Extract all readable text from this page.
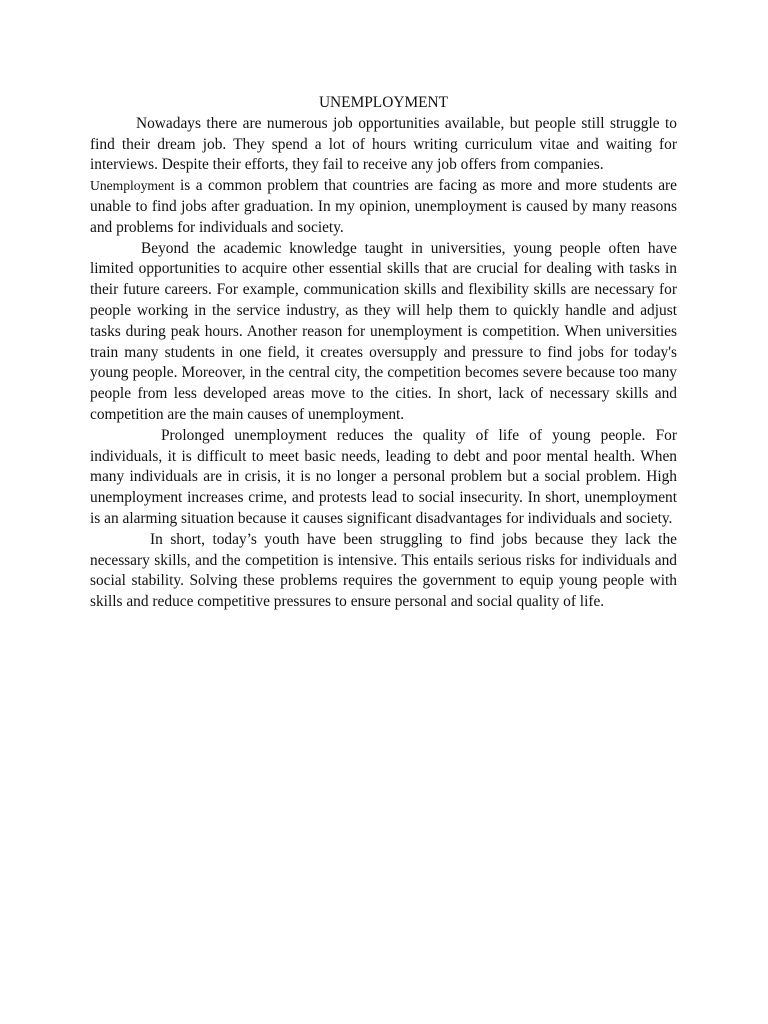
UNEMPLOYMENT

Nowadays there are numerous job opportunities available, but people still struggle to find their dream job. They spend a lot of hours writing curriculum vitae and waiting for interviews. Despite their efforts, they fail to receive any job offers from companies.
Unemployment is a common problem that countries are facing as more and more students are unable to find jobs after graduation. In my opinion, unemployment is caused by many reasons and problems for individuals and society.

Beyond the academic knowledge taught in universities, young people often have limited opportunities to acquire other essential skills that are crucial for dealing with tasks in their future careers. For example, communication skills and flexibility skills are necessary for people working in the service industry, as they will help them to quickly handle and adjust tasks during peak hours. Another reason for unemployment is competition. When universities train many students in one field, it creates oversupply and pressure to find jobs for today's young people. Moreover, in the central city, the competition becomes severe because too many people from less developed areas move to the cities. In short, lack of necessary skills and competition are the main causes of unemployment.

Prolonged unemployment reduces the quality of life of young people. For individuals, it is difficult to meet basic needs, leading to debt and poor mental health. When many individuals are in crisis, it is no longer a personal problem but a social problem. High unemployment increases crime, and protests lead to social insecurity. In short, unemployment is an alarming situation because it causes significant disadvantages for individuals and society.

In short, today’s youth have been struggling to find jobs because they lack the necessary skills, and the competition is intensive. This entails serious risks for individuals and social stability. Solving these problems requires the government to equip young people with skills and reduce competitive pressures to ensure personal and social quality of life.
